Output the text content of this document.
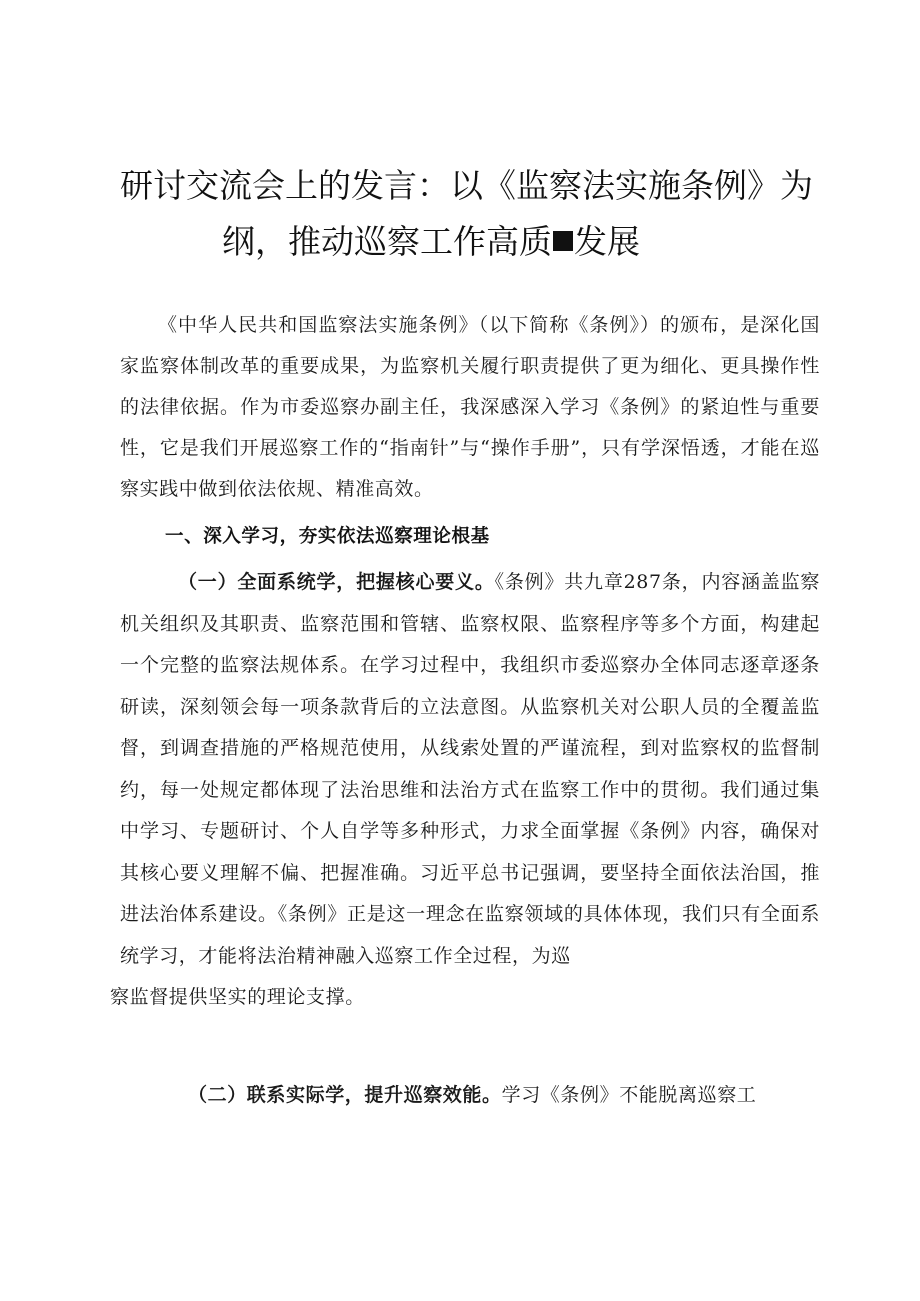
研讨交流会上的发言：以《监察法实施条例》为
纲，推动巡察工作高质 发展

《中华人民共和国监察法实施条例》（以下简称《条例》）的颁布，是深化国家监察体制改革的重要成果，为监察机关履行职责提供了更为细化、更具操作性的法律依据。作为市委巡察办副主任，我深感深入学习《条例》的紧迫性与重要性，它是我们开展巡察工作的“指南针”与“操作手册”，只有学深悟透，才能在巡察实践中做到依法依规、精准高效。

一、深入学习，夯实依法巡察理论根基

（一）全面系统学，把握核心要义。《条例》共九章287条，内容涵盖监察机关组织及其职责、监察范围和管辖、监察权限、监察程序等多个方面，构建起一个完整的监察法规体系。在学习过程中，我组织市委巡察办全体同志逐章逐条研读，深刻领会每一项条款背后的立法意图。从监察机关对公职人员的全覆盖监督，到调查措施的严格规范使用，从线索处置的严谨流程，到对监察权的监督制约，每一处规定都体现了法治思维和法治方式在监察工作中的贯彻。我们通过集中学习、专题研讨、个人自学等多种形式，力求全面掌握《条例》内容，确保对其核心要义理解不偏、把握准确。习近平总书记强调，要坚持全面依法治国，推进法治体系建设。《条例》正是这一理念在监察领域的具体体现，我们只有全面系统学习，才能将法治精神融入巡察工作全过程，为巡

察监督提供坚实的理论支撑。

（二）联系实际学，提升巡察效能。学习《条例》不能脱离巡察工
